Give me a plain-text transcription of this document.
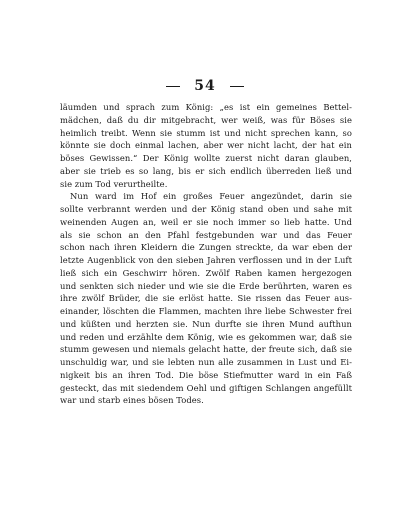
54
läumden und sprach zum König: „es ist ein gemeines Bettel-
mädchen, daß du dir mitgebracht, wer weiß, was für Böses sie
heimlich treibt. Wenn sie stumm ist und nicht sprechen kann, so
könnte sie doch einmal lachen, aber wer nicht lacht, der hat ein
böses Gewissen.“ Der König wollte zuerst nicht daran glauben,
aber sie trieb es so lang, bis er sich endlich überreden ließ und
sie zum Tod verurtheilte.
Nun ward im Hof ein großes Feuer angezündet, darin sie
sollte verbrannt werden und der König stand oben und sahe mit
weinenden Augen an, weil er sie noch immer so lieb hatte. Und
als sie schon an den Pfahl festgebunden war und das Feuer
schon nach ihren Kleidern die Zungen streckte, da war eben der
letzte Augenblick von den sieben Jahren verflossen und in der Luft
ließ sich ein Geschwirr hören. Zwölf Raben kamen hergezogen
und senkten sich nieder und wie sie die Erde berührten, waren es
ihre zwölf Brüder, die sie erlöst hatte. Sie rissen das Feuer aus-
einander, löschten die Flammen, machten ihre liebe Schwester frei
und küßten und herzten sie. Nun durfte sie ihren Mund aufthun
und reden und erzählte dem König, wie es gekommen war, daß sie
stumm gewesen und niemals gelacht hatte, der freute sich, daß sie
unschuldig war, und sie lebten nun alle zusammen in Lust und Ei-
nigkeit bis an ihren Tod. Die böse Stiefmutter ward in ein Faß
gesteckt, das mit siedendem Oehl und giftigen Schlangen angefüllt
war und starb eines bösen Todes.
